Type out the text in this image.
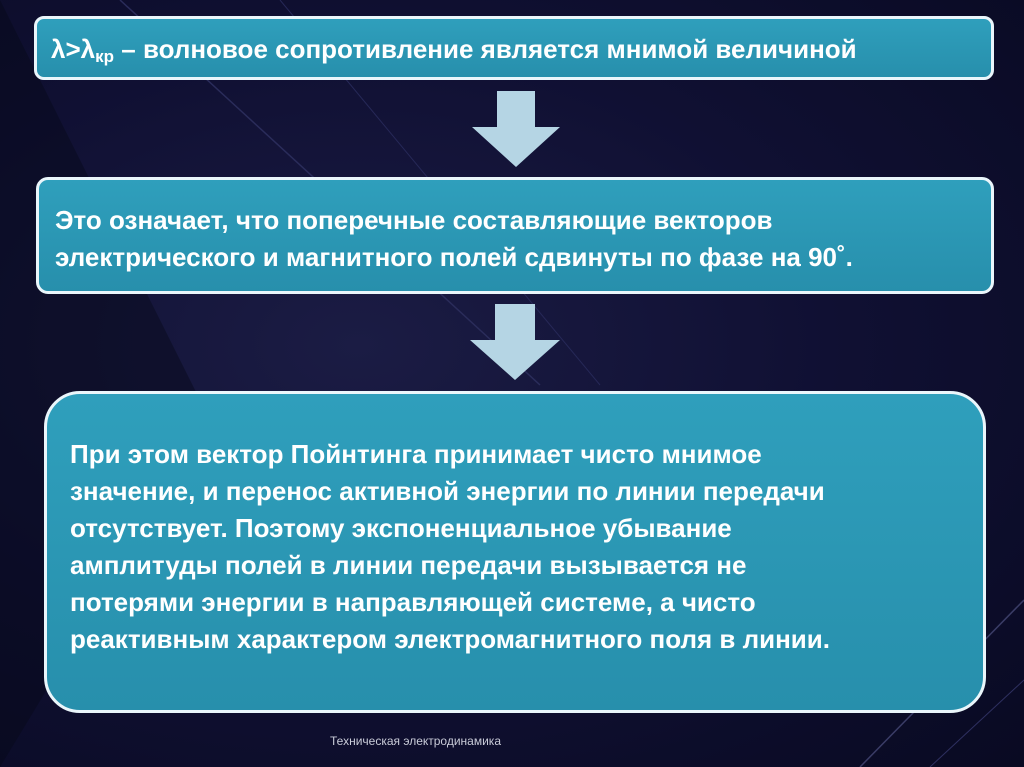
$\lambda>\lambda_{кр}$ – волновое сопротивление является мнимой величиной

Это означает, что поперечные составляющие векторов

электрического и магнитного полей сдвинуты по фазе на 90˚.

При этом вектор Пойнтинга принимает чисто мнимое

значение, и перенос активной энергии по линии передачи

отсутствует. Поэтому экспоненциальное убывание

амплитуды полей в линии передачи вызывается не

потерями энергии в направляющей системе, а чисто

реактивным характером электромагнитного поля в линии.

Техническая электродинамика
